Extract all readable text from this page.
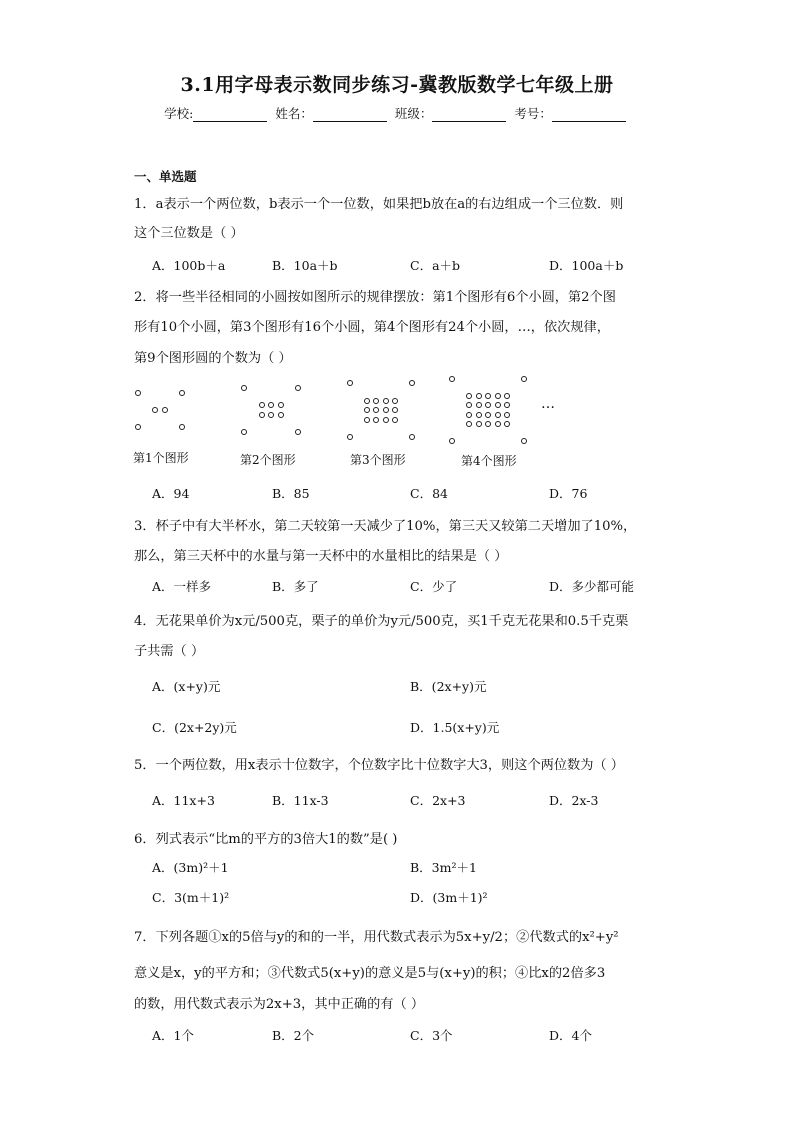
3.1用字母表示数同步练习-冀教版数学七年级上册
学校:	姓名：	班级：	考号：
一、单选题
1．a表示一个两位数，b表示一个一位数，如果把b放在a的右边组成一个三位数．则
这个三位数是（ ）
A．100b＋a	B．10a＋b	C．a＋b	D．100a＋b
2．将一些半径相同的小圆按如图所示的规律摆放：第1个图形有6个小圆，第2个图
形有10个小圆，第3个图形有16个小圆，第4个图形有24个小圆，…，依次规律，
第9个图形圆的个数为（ ）
第1个图形	第2个图形	第3个图形	第4个图形
…
A．94	B．85	C．84	D．76
3．杯子中有大半杯水，第二天较第一天减少了10%，第三天又较第二天增加了10%，
那么，第三天杯中的水量与第一天杯中的水量相比的结果是（ ）
A．一样多	B．多了	C．少了	D．多少都可能
4．无花果单价为x元/500克，栗子的单价为y元/500克，买1千克无花果和0.5千克栗
子共需（ ）
A．(x+y)元	B．(2x+y)元
C．(2x+2y)元	D．1.5(x+y)元
5．一个两位数，用x表示十位数字，个位数字比十位数字大3，则这个两位数为（ ）
A．11x+3	B．11x-3	C．2x+3	D．2x-3
6．列式表示“比m的平方的3倍大1的数”是( )
A．(3m)²＋1	B．3m²＋1
C．3(m＋1)²	D．(3m＋1)²
7．下列各题①x的5倍与y的和的一半，用代数式表示为5x+y/2；②代数式的x²+y²
意义是x，y的平方和；③代数式5(x+y)的意义是5与(x+y)的积；④比x的2倍多3
的数，用代数式表示为2x+3，其中正确的有（ ）
A．1个	B．2个	C．3个	D．4个
